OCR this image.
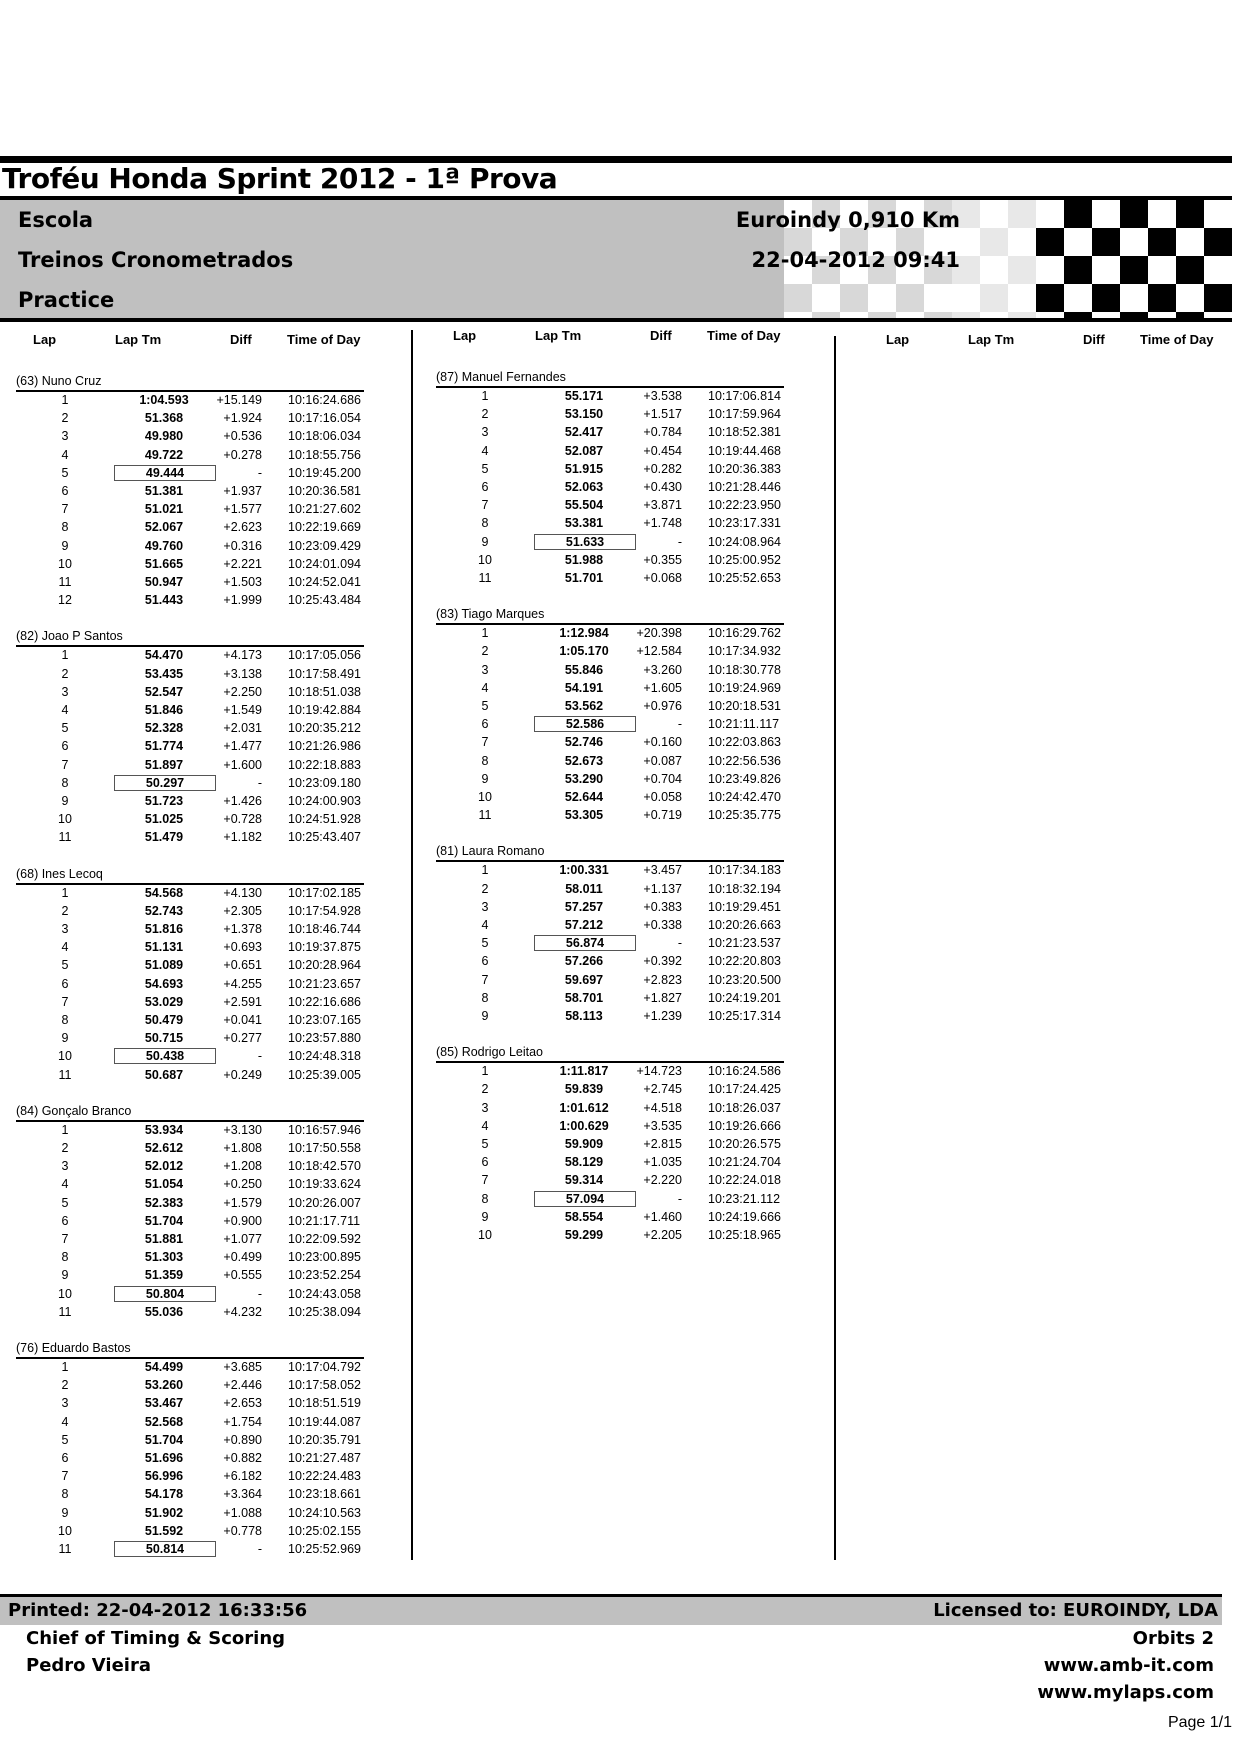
Troféu Honda Sprint 2012 - 1ª Prova
Escola
Treinos Cronometrados
Practice
Euroindy 0,910 Km
22-04-2012 09:41
Lap	Lap Tm	Diff	Time of Day	Lap	Lap Tm	Diff	Time of Day	Lap	Lap Tm	Diff	Time of Day
(63) Nuno Cruz
1	1:04.593	+15.149 10:16:24.686
2	51.368	+1.924 10:17:16.054
3	49.980	+0.536 10:18:06.034
4	49.722	+0.278 10:18:55.756
5	49.444	- 10:19:45.200
6	51.381	+1.937 10:20:36.581
7	51.021	+1.577 10:21:27.602
8	52.067	+2.623 10:22:19.669
9	49.760	+0.316 10:23:09.429
10	51.665	+2.221 10:24:01.094
11	50.947	+1.503 10:24:52.041
12	51.443	+1.999 10:25:43.484
(82) Joao P Santos
1	54.470	+4.173 10:17:05.056
2	53.435	+3.138 10:17:58.491
3	52.547	+2.250 10:18:51.038
4	51.846	+1.549 10:19:42.884
5	52.328	+2.031 10:20:35.212
6	51.774	+1.477 10:21:26.986
7	51.897	+1.600 10:22:18.883
8	50.297	- 10:23:09.180
9	51.723	+1.426 10:24:00.903
10	51.025	+0.728 10:24:51.928
11	51.479	+1.182 10:25:43.407
(68) Ines Lecoq
1	54.568	+4.130 10:17:02.185
2	52.743	+2.305 10:17:54.928
3	51.816	+1.378 10:18:46.744
4	51.131	+0.693 10:19:37.875
5	51.089	+0.651 10:20:28.964
6	54.693	+4.255 10:21:23.657
7	53.029	+2.591 10:22:16.686
8	50.479	+0.041 10:23:07.165
9	50.715	+0.277 10:23:57.880
10	50.438	- 10:24:48.318
11	50.687	+0.249 10:25:39.005
(84) Gonçalo Branco
1	53.934	+3.130 10:16:57.946
2	52.612	+1.808 10:17:50.558
3	52.012	+1.208 10:18:42.570
4	51.054	+0.250 10:19:33.624
5	52.383	+1.579 10:20:26.007
6	51.704	+0.900 10:21:17.711
7	51.881	+1.077 10:22:09.592
8	51.303	+0.499 10:23:00.895
9	51.359	+0.555 10:23:52.254
10	50.804	- 10:24:43.058
11	55.036	+4.232 10:25:38.094
(76) Eduardo Bastos
1	54.499	+3.685 10:17:04.792
2	53.260	+2.446 10:17:58.052
3	53.467	+2.653 10:18:51.519
4	52.568	+1.754 10:19:44.087
5	51.704	+0.890 10:20:35.791
6	51.696	+0.882 10:21:27.487
7	56.996	+6.182 10:22:24.483
8	54.178	+3.364 10:23:18.661
9	51.902	+1.088 10:24:10.563
10	51.592	+0.778 10:25:02.155
11	50.814	- 10:25:52.969
(87) Manuel Fernandes
1	55.171	+3.538 10:17:06.814
2	53.150	+1.517 10:17:59.964
3	52.417	+0.784 10:18:52.381
4	52.087	+0.454 10:19:44.468
5	51.915	+0.282 10:20:36.383
6	52.063	+0.430 10:21:28.446
7	55.504	+3.871 10:22:23.950
8	53.381	+1.748 10:23:17.331
9	51.633	- 10:24:08.964
10	51.988	+0.355 10:25:00.952
11	51.701	+0.068 10:25:52.653
(83) Tiago Marques
1	1:12.984	+20.398 10:16:29.762
2	1:05.170	+12.584 10:17:34.932
3	55.846	+3.260 10:18:30.778
4	54.191	+1.605 10:19:24.969
5	53.562	+0.976 10:20:18.531
6	52.586	- 10:21:11.117
7	52.746	+0.160 10:22:03.863
8	52.673	+0.087 10:22:56.536
9	53.290	+0.704 10:23:49.826
10	52.644	+0.058 10:24:42.470
11	53.305	+0.719 10:25:35.775
(81) Laura Romano
1	1:00.331	+3.457 10:17:34.183
2	58.011	+1.137 10:18:32.194
3	57.257	+0.383 10:19:29.451
4	57.212	+0.338 10:20:26.663
5	56.874	- 10:21:23.537
6	57.266	+0.392 10:22:20.803
7	59.697	+2.823 10:23:20.500
8	58.701	+1.827 10:24:19.201
9	58.113	+1.239 10:25:17.314
(85) Rodrigo Leitao
1	1:11.817	+14.723 10:16:24.586
2	59.839	+2.745 10:17:24.425
3	1:01.612	+4.518 10:18:26.037
4	1:00.629	+3.535 10:19:26.666
5	59.909	+2.815 10:20:26.575
6	58.129	+1.035 10:21:24.704
7	59.314	+2.220 10:22:24.018
8	57.094	- 10:23:21.112
9	58.554	+1.460 10:24:19.666
10	59.299	+2.205 10:25:18.965
Printed: 22-04-2012 16:33:56	Licensed to: EUROINDY, LDA
Chief of Timing & Scoring
Pedro Vieira
Orbits 2
www.amb-it.com
www.mylaps.com
Page 1/1
